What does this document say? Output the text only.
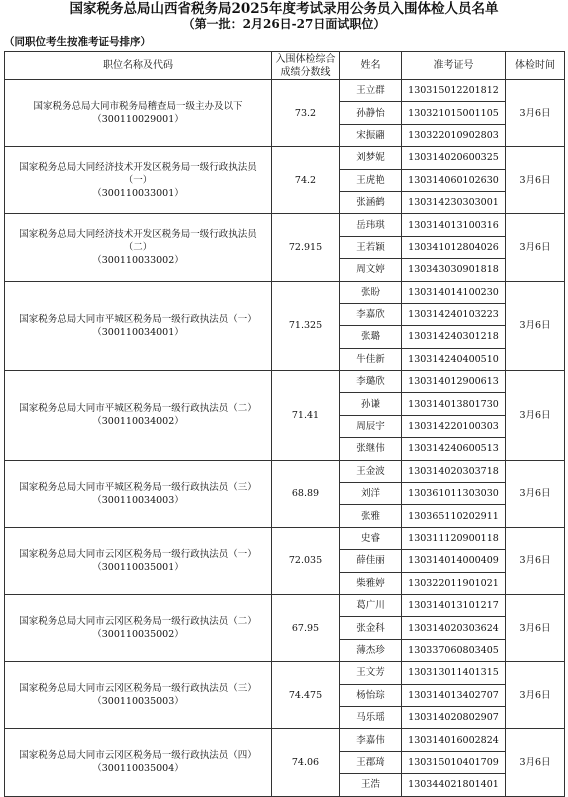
国家税务总局山西省税务局2025年度考试录用公务员入围体检人员名单
（第一批：2月26日-27日面试职位）
（同职位考生按准考证号排序）
职位名称及代码	入围体检综合成绩分数线	姓名	准考证号	体检时间

国家税务总局大同市税务局稽查局一级主办及以下
（300110029001）	73.2	王立群	130315012201812	3月6日
		孙静怡	130321015001105	
		宋振翮	130322010902803	

国家税务总局大同经济技术开发区税务局一级行政执法员（一）
（300110033001）	74.2	刘梦妮	130314020600325	3月6日
		王虎艳	130314060102630	
		张涵鹤	130314230303001	

国家税务总局大同经济技术开发区税务局一级行政执法员（二）
（300110033002）	72.915	岳玮琪	130314013100316	3月6日
		王若颖	130341012804026	
		周文婷	130343030901818	

国家税务总局大同市平城区税务局一级行政执法员（一）
（300110034001）	71.325	张盼	130314014100230	3月6日
		李嘉欣	130314240103223	
		张璐	130314240301218	
		牛佳新	130314240400510	

国家税务总局大同市平城区税务局一级行政执法员（二）
（300110034002）	71.41	李璐欣	130314012900613	3月6日
		孙谦	130314013801730	
		周辰宇	130314220100303	
		张继伟	130314240600513	

国家税务总局大同市平城区税务局一级行政执法员（三）
（300110034003）	68.89	王金波	130314020303718	3月6日
		刘洋	130361011303030	
		张雅	130365110202911	

国家税务总局大同市云冈区税务局一级行政执法员（一）
（300110035001）	72.035	史睿	130311120900118	3月6日
		薛佳丽	130314014000409	
		柴雅婷	130322011901021	

国家税务总局大同市云冈区税务局一级行政执法员（二）
（300110035002）	67.95	葛广川	130314013101217	3月6日
		张金科	130314020303624	
		薄杰珍	130337060803405	

国家税务总局大同市云冈区税务局一级行政执法员（三）
（300110035003）	74.475	王文芳	130313011401315	3月6日
		杨怡琮	130314013402707	
		马乐瑶	130314020802907	

国家税务总局大同市云冈区税务局一级行政执法员（四）
（300110035004）	74.06	李嘉伟	130314016002824	3月6日
		王郡琦	130315010401709	
		王浩	130344021801401	
